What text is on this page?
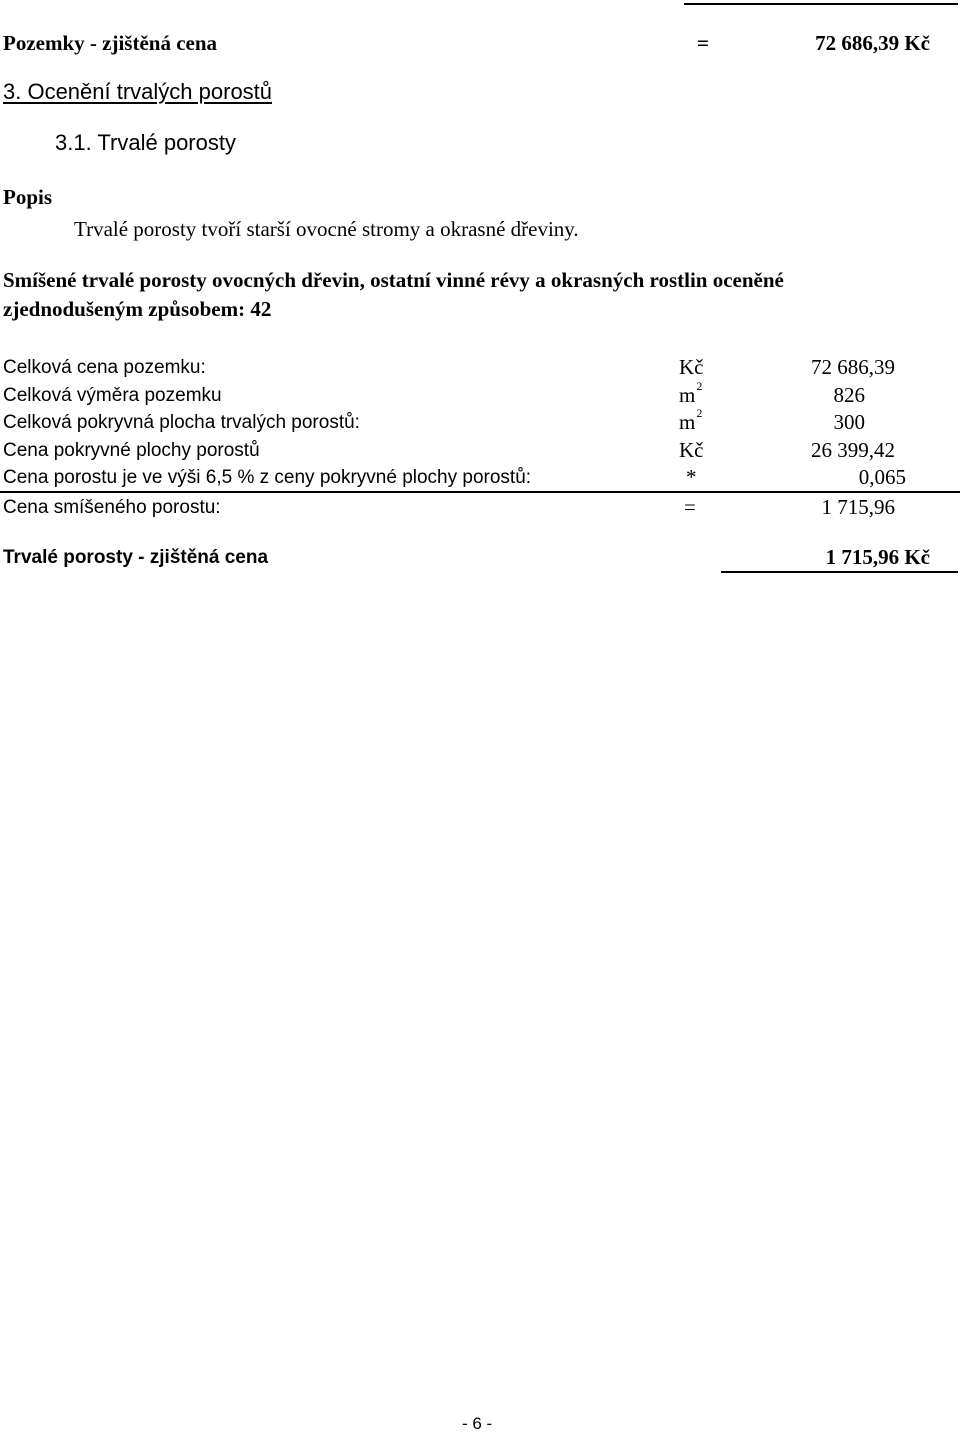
Pozemky - zjištěná cena	=	72 686,39 Kč
3. Ocenění trvalých porostů
3.1. Trvalé porosty
Popis
Trvalé porosty tvoří starší ovocné stromy a okrasné dřeviny.
Smíšené trvalé porosty ovocných dřevin, ostatní vinné révy a okrasných rostlin oceněné
zjednodušeným způsobem: 42
Celková cena pozemku:	Kč	72 686,39
Celková výměra pozemku	$m^2$	826
Celková pokryvná plocha trvalých porostů:	$m^2$	300
Cena pokryvné plochy porostů	Kč	26 399,42
Cena porostu je ve výši 6,5 % z ceny pokryvné plochy porostů:	*	0,065
Cena smíšeného porostu:	=	1 715,96
Trvalé porosty - zjištěná cena	1 715,96 Kč
- 6 -
